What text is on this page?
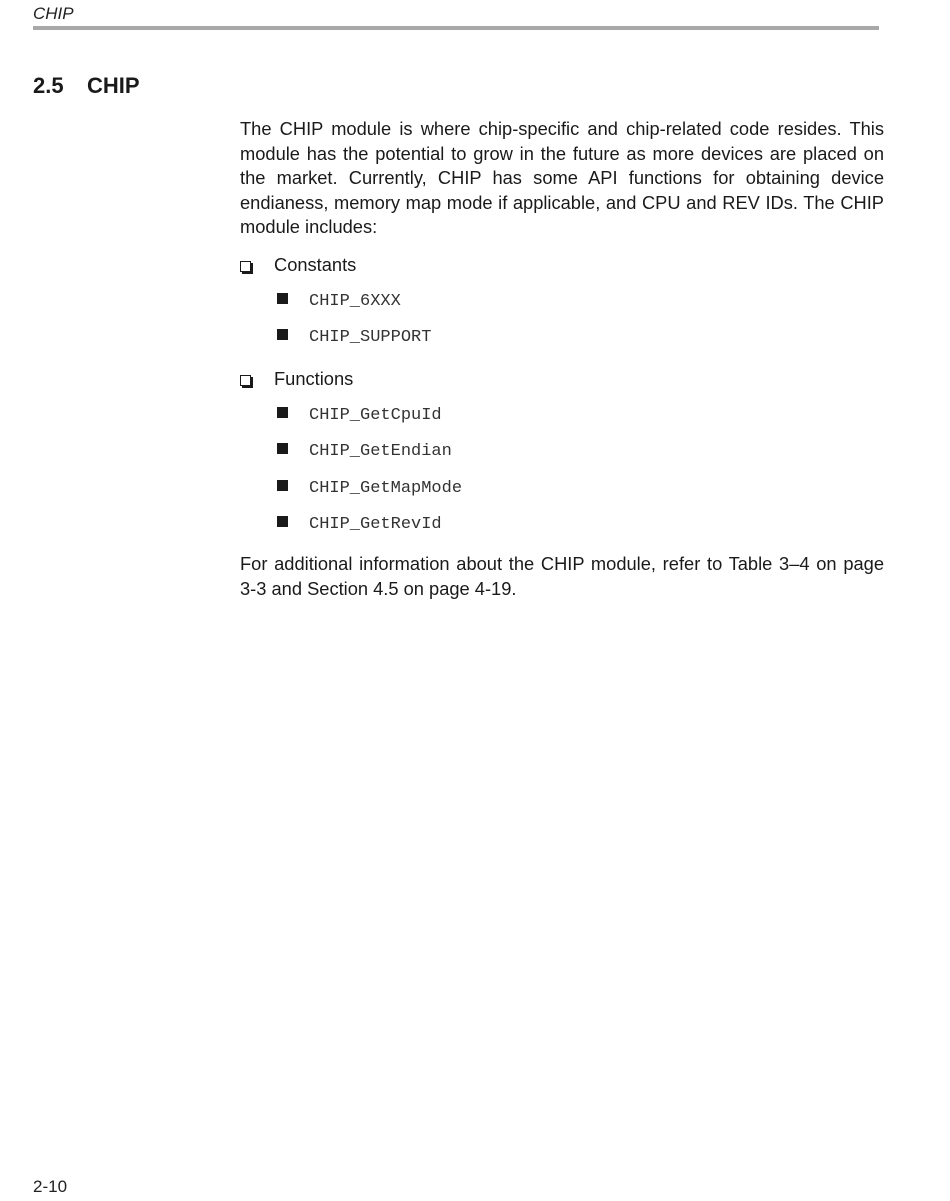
CHIP
2.5 CHIP

The CHIP module is where chip-specific and chip-related code resides. This module has the potential to grow in the future as more devices are placed on the market. Currently, CHIP has some API functions for obtaining device endianess, memory map mode if applicable, and CPU and REV IDs. The CHIP module includes:

Constants
CHIP_6XXX
CHIP_SUPPORT
Functions
CHIP_GetCpuId
CHIP_GetEndian
CHIP_GetMapMode
CHIP_GetRevId

For additional information about the CHIP module, refer to Table 3–4 on page 3-3 and Section 4.5 on page 4-19.

2-10
